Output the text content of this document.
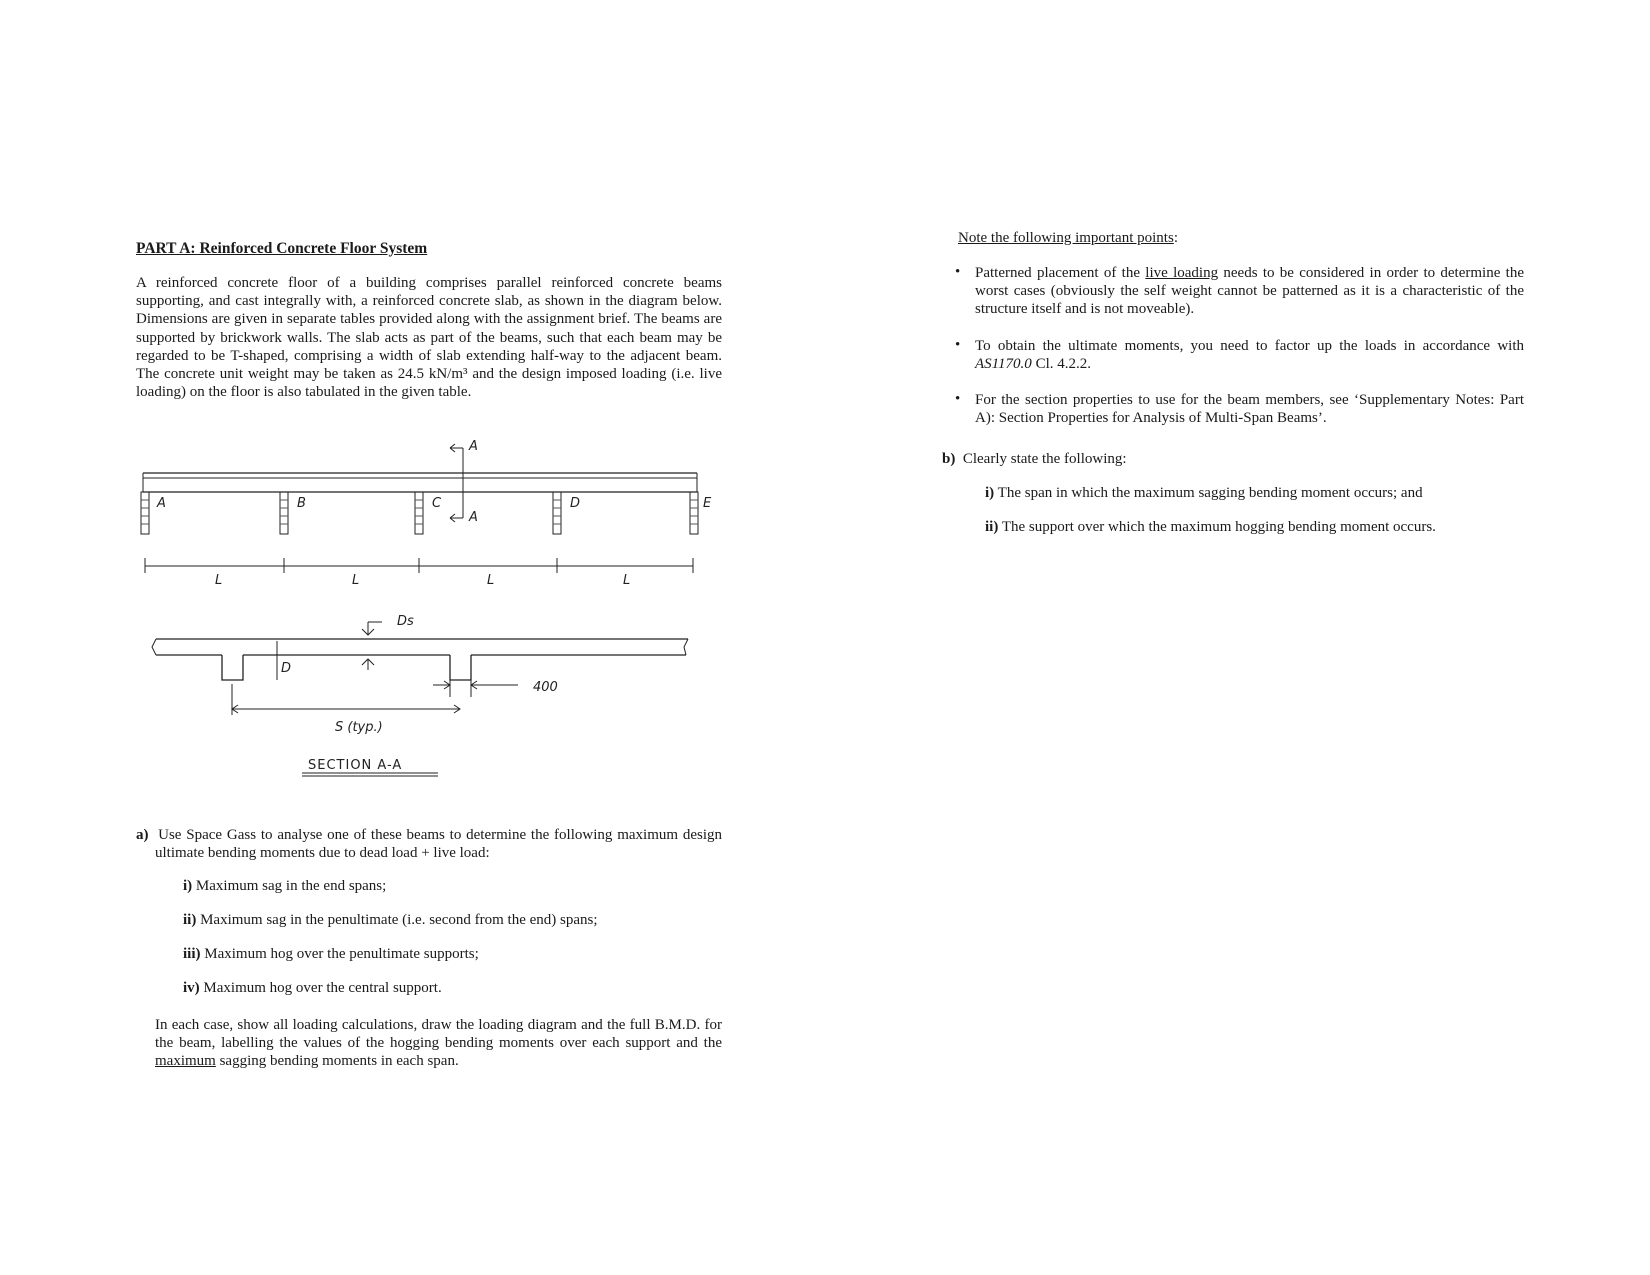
PART A: Reinforced Concrete Floor System

A reinforced concrete floor of a building comprises parallel reinforced concrete beams supporting, and cast integrally with, a reinforced concrete slab, as shown in the diagram below. Dimensions are given in separate tables provided along with the assignment brief. The beams are supported by brickwork walls. The slab acts as part of the beams, such that each beam may be regarded to be T-shaped, comprising a width of slab extending half-way to the adjacent beam. The concrete unit weight may be taken as 24.5 kN/m³ and the design imposed loading (i.e. live loading) on the floor is also tabulated in the given table.

A	B	C	D	E
A
A
L	L	L	L
D
Ds
400
S (typ.)
SECTION A-A

a) Use Space Gass to analyse one of these beams to determine the following maximum design ultimate bending moments due to dead load + live load:

i) Maximum sag in the end spans;
ii) Maximum sag in the penultimate (i.e. second from the end) spans;
iii) Maximum hog over the penultimate supports;
iv) Maximum hog over the central support.

In each case, show all loading calculations, draw the loading diagram and the full B.M.D. for the beam, labelling the values of the hogging bending moments over each support and the maximum sagging bending moments in each span.

Note the following important points:
• Patterned placement of the live loading needs to be considered in order to determine the worst cases (obviously the self weight cannot be patterned as it is a characteristic of the structure itself and is not moveable).

• To obtain the ultimate moments, you need to factor up the loads in accordance with AS1170.0 Cl. 4.2.2.

• For the section properties to use for the beam members, see ‘Supplementary Notes: Part A): Section Properties for Analysis of Multi-Span Beams’.

b) Clearly state the following:
i) The span in which the maximum sagging bending moment occurs; and
ii) The support over which the maximum hogging bending moment occurs.
